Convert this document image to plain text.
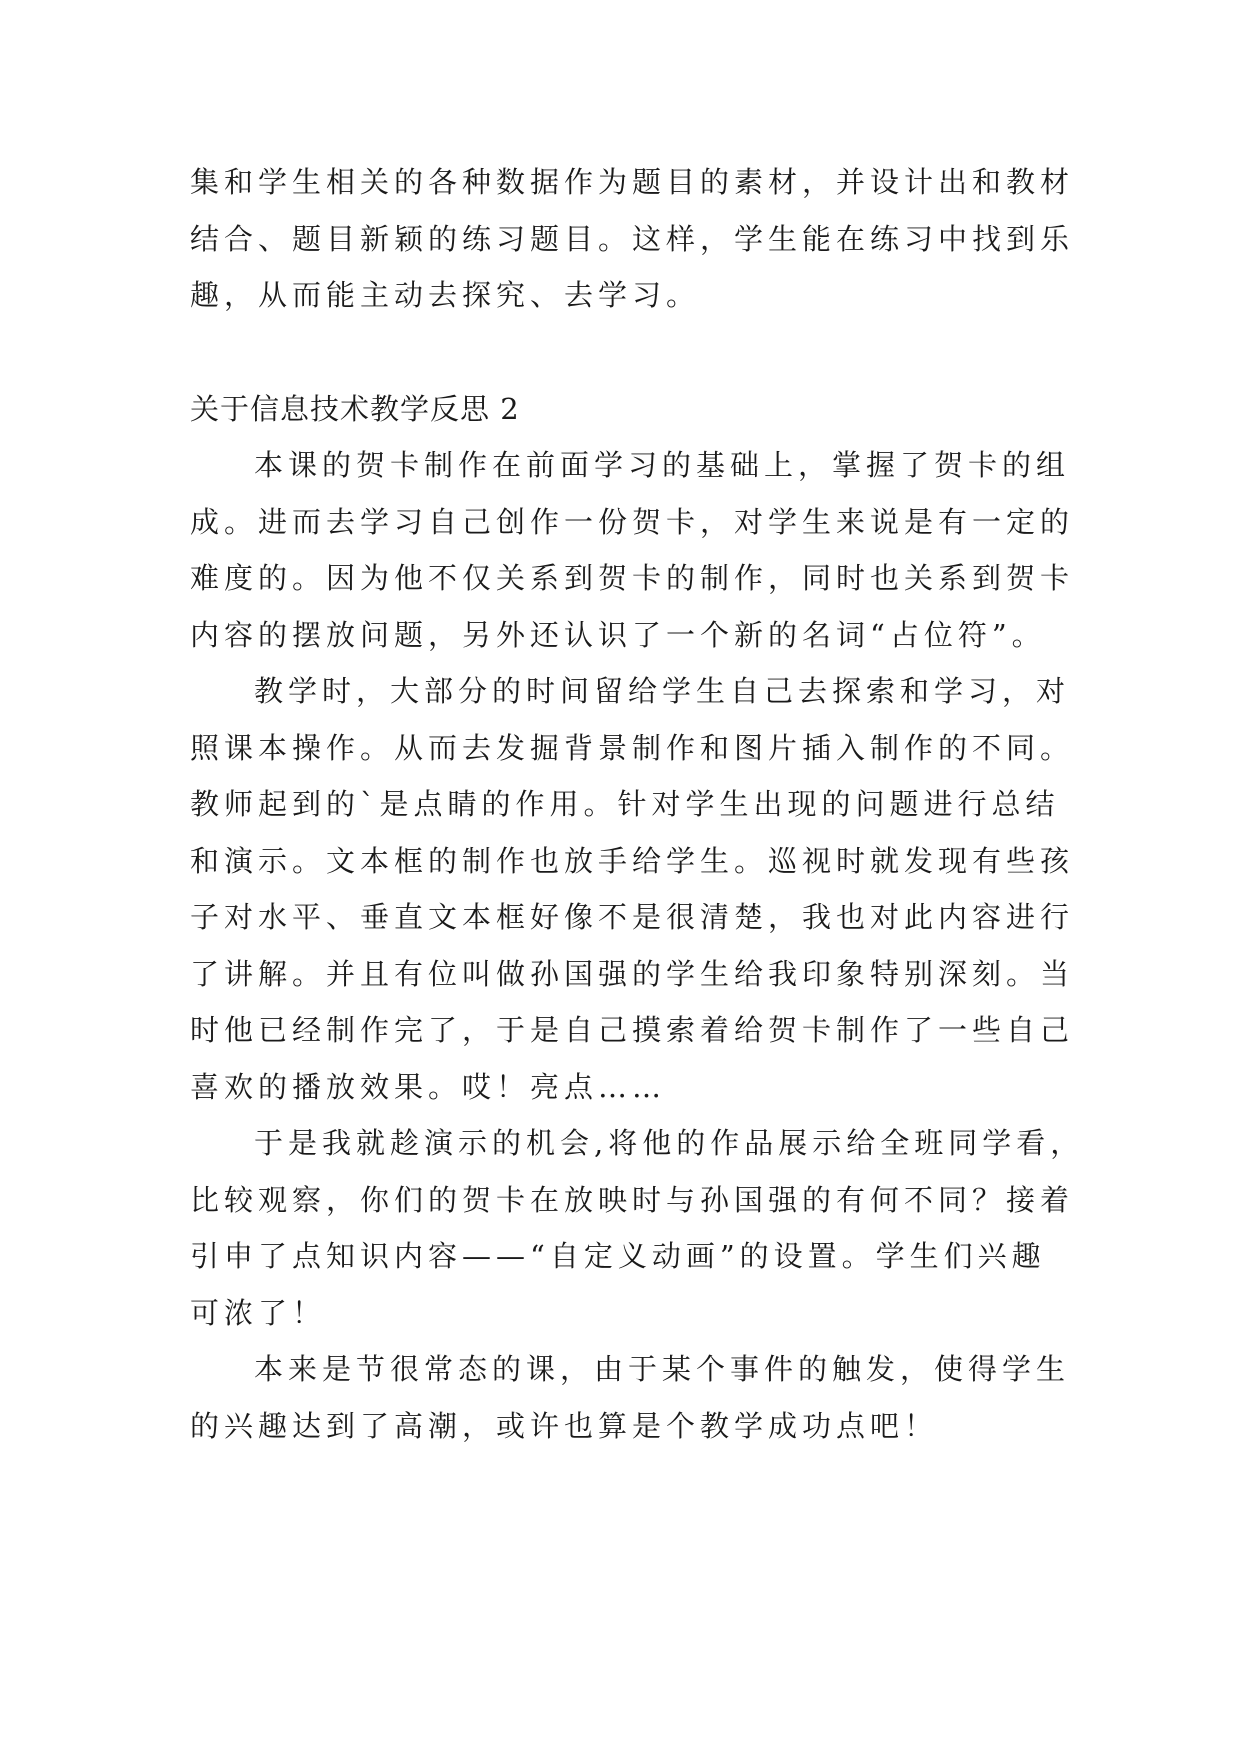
集和学生相关的各种数据作为题目的素材，并设计出和教材
结合、题目新颖的练习题目。这样，学生能在练习中找到乐
趣，从而能主动去探究、去学习。
关于信息技术教学反思 2
本课的贺卡制作在前面学习的基础上，掌握了贺卡的组
成。进而去学习自己创作一份贺卡，对学生来说是有一定的
难度的。因为他不仅关系到贺卡的制作，同时也关系到贺卡
内容的摆放问题，另外还认识了一个新的名词“占位符”。
教学时，大部分的时间留给学生自己去探索和学习，对
照课本操作。从而去发掘背景制作和图片插入制作的不同。
教师起到的`是点睛的作用。针对学生出现的问题进行总结
和演示。文本框的制作也放手给学生。巡视时就发现有些孩
子对水平、垂直文本框好像不是很清楚，我也对此内容进行
了讲解。并且有位叫做孙国强的学生给我印象特别深刻。当
时他已经制作完了，于是自己摸索着给贺卡制作了一些自己
喜欢的播放效果。哎！亮点……
于是我就趁演示的机会,将他的作品展示给全班同学看，
比较观察，你们的贺卡在放映时与孙国强的有何不同？接着
引申了点知识内容——“自定义动画”的设置。学生们兴趣
可浓了！
本来是节很常态的课，由于某个事件的触发，使得学生
的兴趣达到了高潮，或许也算是个教学成功点吧！
